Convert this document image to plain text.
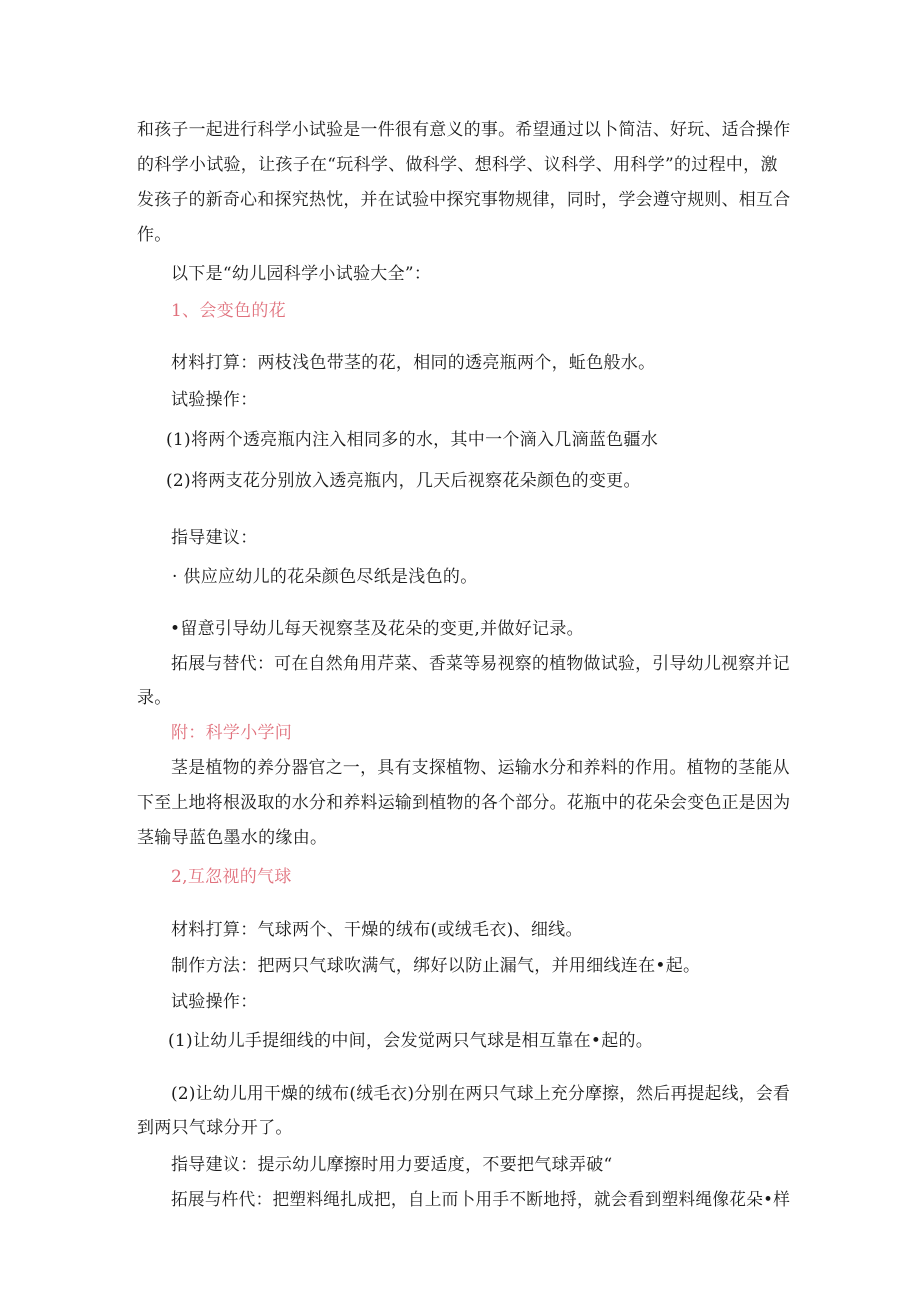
和孩子一起进行科学小试验是一件很有意义的事。希望通过以卜简洁、好玩、适合操作

的科学小试验，让孩子在“玩科学、做科学、想科学、议科学、用科学”的过程中，激

发孩子的新奇心和探究热忱，并在试验中探究事物规律，同时，学会遵守规则、相互合

作。

以下是“幼儿园科学小试验大全”：

1、会变色的花

材料打算：两枝浅色带茎的花，相同的透亮瓶两个，蚯色般水。

试验操作：

(1)将两个透亮瓶内注入相同多的水，其中一个滴入几滴蓝色疆水

(2)将两支花分别放入透亮瓶内，几天后视察花朵颜色的变更。

指导建议：

· 供应应幼儿的花朵颜色尽纸是浅色的。

•留意引导幼儿每天视察茎及花朵的变更,并做好记录。

拓展与替代：可在自然角用芹菜、香菜等易视察的植物做试验，引导幼儿视察并记

录。

附：科学小学问

茎是植物的养分器官之一，具有支探植物、运输水分和养料的作用。植物的茎能从

下至上地将根汲取的水分和养料运输到植物的各个部分。花瓶中的花朵会变色正是因为

茎输导蓝色墨水的缘由。

2,互忽视的气球

材料打算：气球两个、干燥的绒布(或绒毛衣)、细线。

制作方法：把两只气球吹满气，绑好以防止漏气，并用细线连在•起。

试验操作：

(1)让幼儿手提细线的中间，会发觉两只气球是相互靠在•起的。

(2)让幼儿用干燥的绒布(绒毛衣)分别在两只气球上充分摩擦，然后再提起线，会看

到两只气球分开了。

指导建议：提示幼儿摩擦时用力要适度，不要把气球弄破“

拓展与杵代：把塑料绳扎成把，自上而卜用手不断地捋，就会看到塑料绳像花朵•样
